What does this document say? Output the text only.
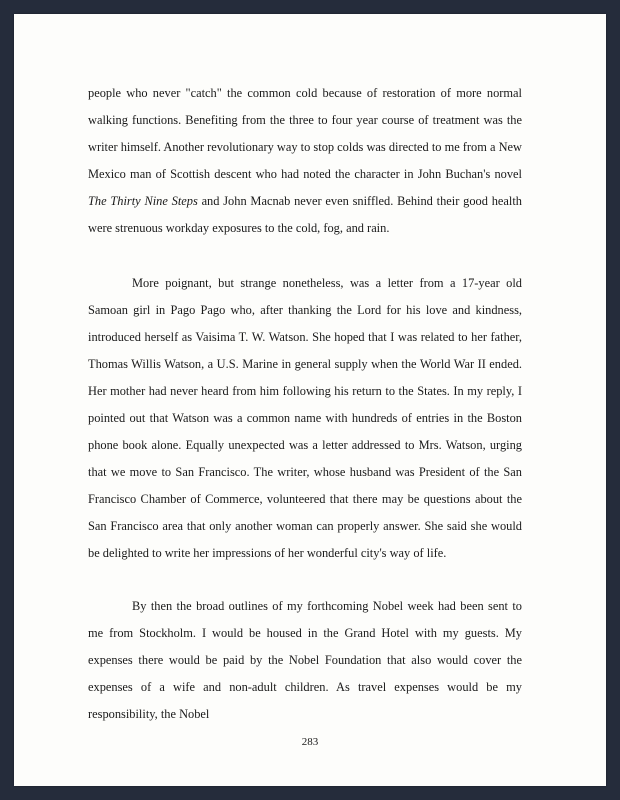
people who never "catch" the common cold because of restoration of more normal walking functions. Benefiting from the three to four year course of treatment was the writer himself. Another revolutionary way to stop colds was directed to me from a New Mexico man of Scottish descent who had noted the character in John Buchan's novel The Thirty Nine Steps and John Macnab never even sniffled. Behind their good health were strenuous workday exposures to the cold, fog, and rain.

More poignant, but strange nonetheless, was a letter from a 17-year old Samoan girl in Pago Pago who, after thanking the Lord for his love and kindness, introduced herself as Vaisima T. W. Watson. She hoped that I was related to her father, Thomas Willis Watson, a U.S. Marine in general supply when the World War II ended. Her mother had never heard from him following his return to the States. In my reply, I pointed out that Watson was a common name with hundreds of entries in the Boston phone book alone. Equally unexpected was a letter addressed to Mrs. Watson, urging that we move to San Francisco. The writer, whose husband was President of the San Francisco Chamber of Commerce, volunteered that there may be questions about the San Francisco area that only another woman can properly answer. She said she would be delighted to write her impressions of her wonderful city's way of life.

By then the broad outlines of my forthcoming Nobel week had been sent to me from Stockholm. I would be housed in the Grand Hotel with my guests. My expenses there would be paid by the Nobel Foundation that also would cover the expenses of a wife and non-adult children. As travel expenses would be my responsibility, the Nobel

283
